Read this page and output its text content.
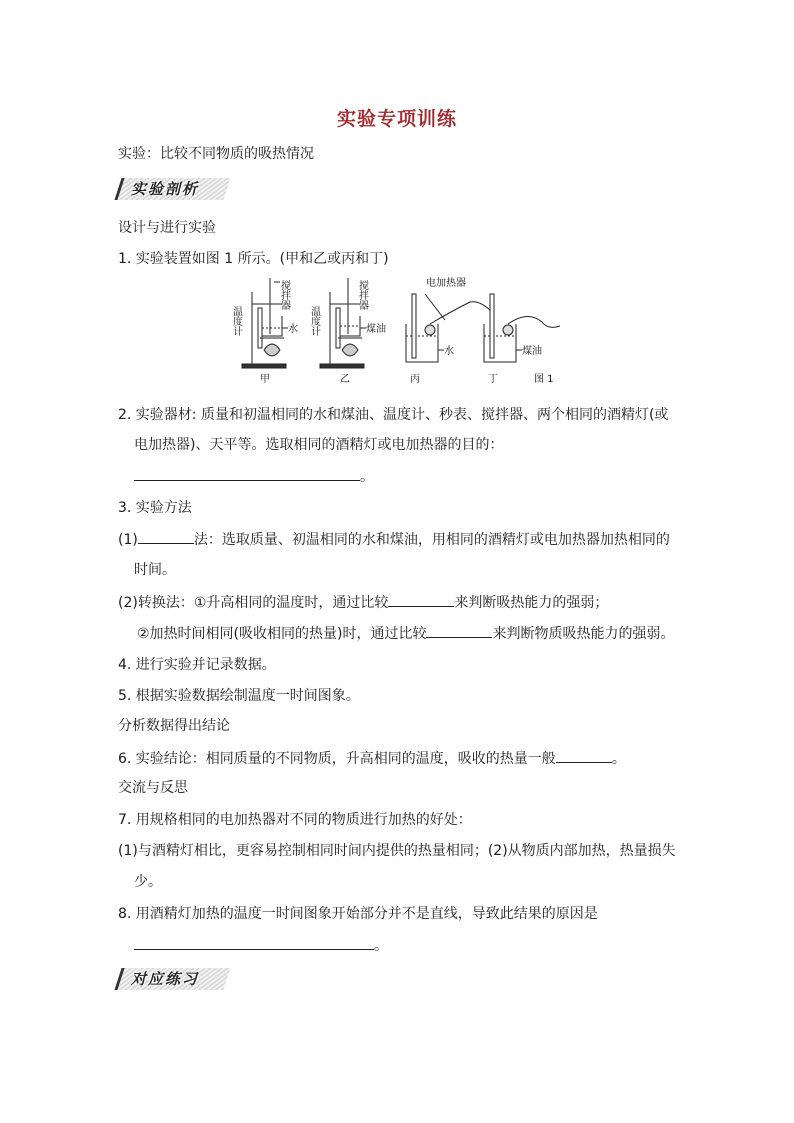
实验专项训练
实验：比较不同物质的吸热情况
实验剖析
设计与进行实验
1. 实验装置如图 1 所示。(甲和乙或丙和丁)
温度计
搅拌器
水 温度计
搅拌器
煤油
电加热器
水	煤油
甲	乙	丙	丁	图 1
2. 实验器材: 质量和初温相同的水和煤油、温度计、秒表、搅拌器、两个相同的酒精灯(或
电加热器)、天平等。选取相同的酒精灯或电加热器的目的：
。
3. 实验方法
(1)	法：选取质量、初温相同的水和煤油，用相同的酒精灯或电加热器加热相同的
时间。
(2)转换法：①升高相同的温度时，通过比较	来判断吸热能力的强弱；
②加热时间相同(吸收相同的热量)时，通过比较	来判断物质吸热能力的强弱。
4. 进行实验并记录数据。
5. 根据实验数据绘制温度一时间图象。
分析数据得出结论
6. 实验结论：相同质量的不同物质，升高相同的温度，吸收的热量一般	。
交流与反思
7. 用规格相同的电加热器对不同的物质进行加热的好处：
(1)与酒精灯相比，更容易控制相同时间内提供的热量相同；(2)从物质内部加热，热量损失
少。
8. 用酒精灯加热的温度一时间图象开始部分并不是直线，导致此结果的原因是
。
对应练习
